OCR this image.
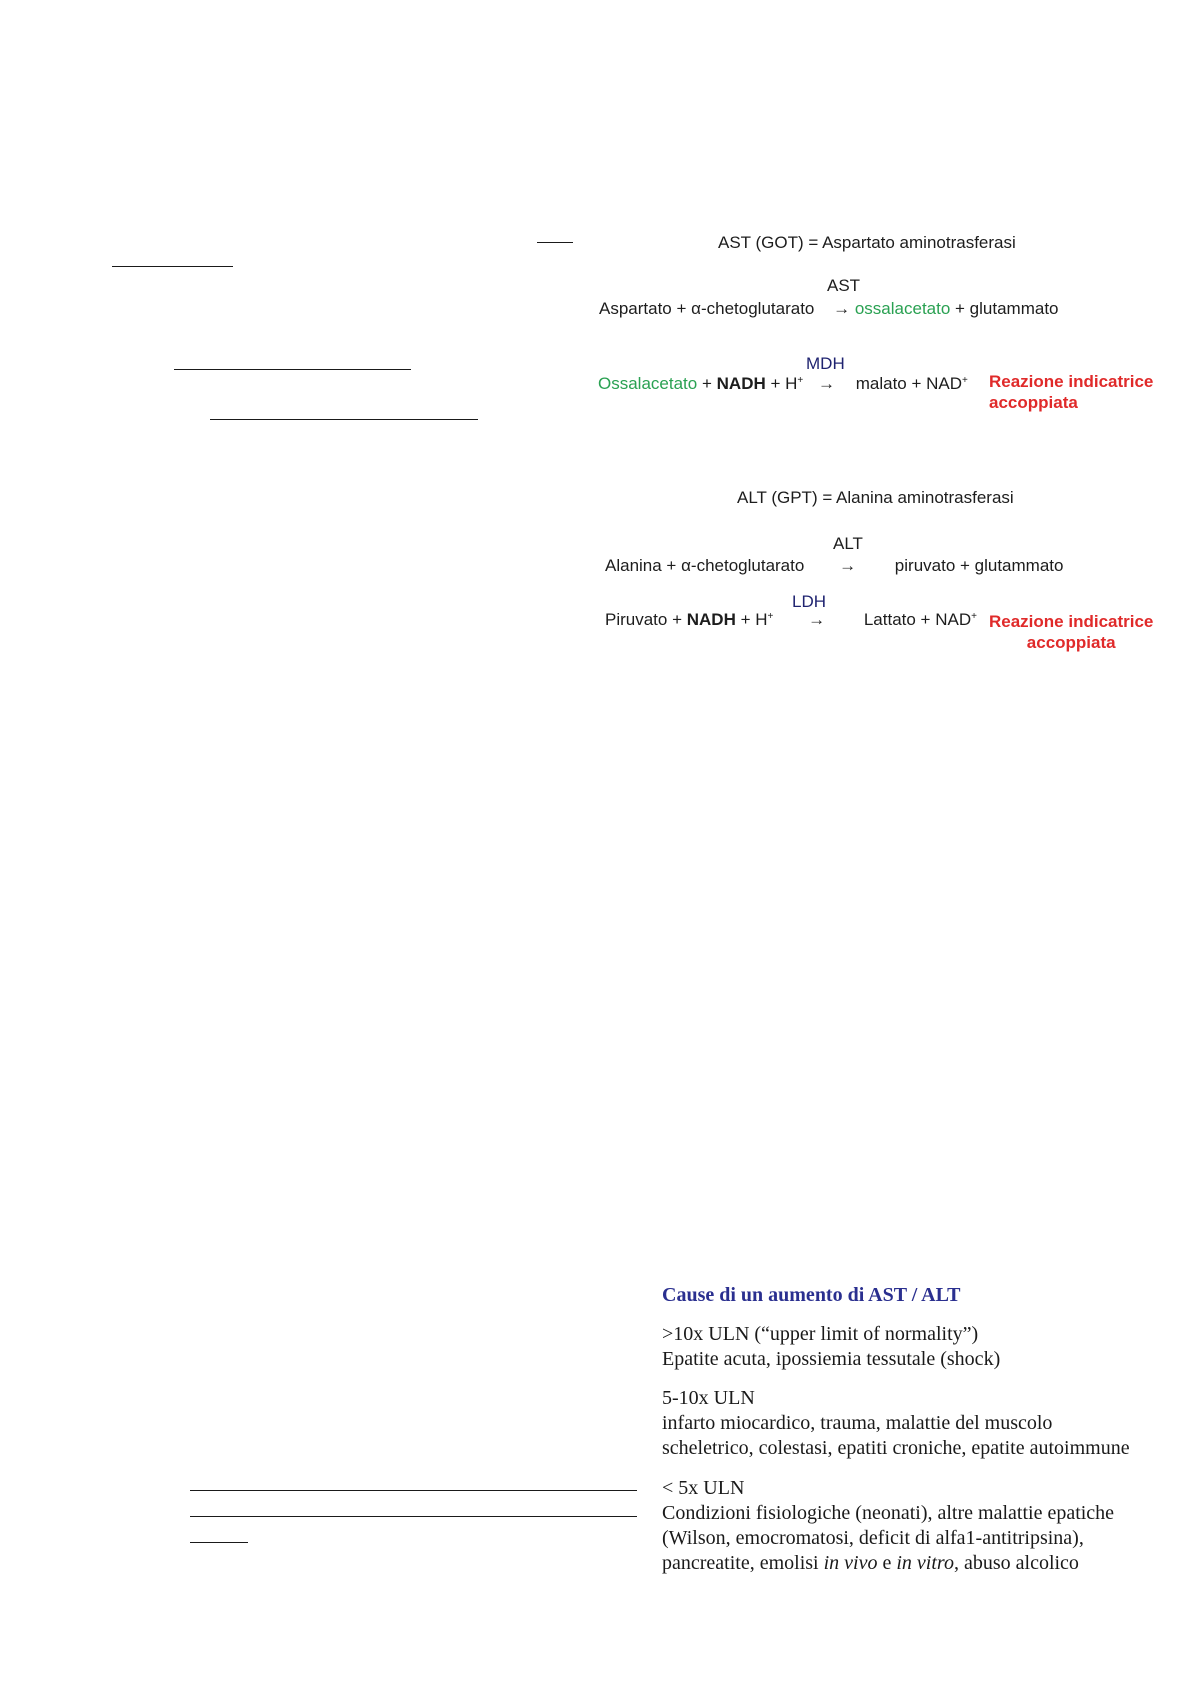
AST (GOT) = Aspartato aminotrasferasi
AST
Aspartato + α-chetoglutarato → ossalacetato + glutammato
MDH
Ossalacetato + NADH + H+ → malato + NAD+ Reazione indicatrice
accoppiata
ALT (GPT) = Alanina aminotrasferasi
ALT
Alanina + α-chetoglutarato → piruvato + glutammato
LDH
Piruvato + NADH + H+ → Lattato + NAD+ Reazione indicatrice
accoppiata
Cause di un aumento di AST / ALT
>10x ULN (“upper limit of normality”)
Epatite acuta, ipossiemia tessutale (shock)
5-10x ULN
infarto miocardico, trauma, malattie del muscolo
scheletrico, colestasi, epatiti croniche, epatite autoimmune
< 5x ULN
Condizioni fisiologiche (neonati), altre malattie epatiche
(Wilson, emocromatosi, deficit di alfa1-antitripsina),
pancreatite, emolisi in vivo e in vitro, abuso alcolico
